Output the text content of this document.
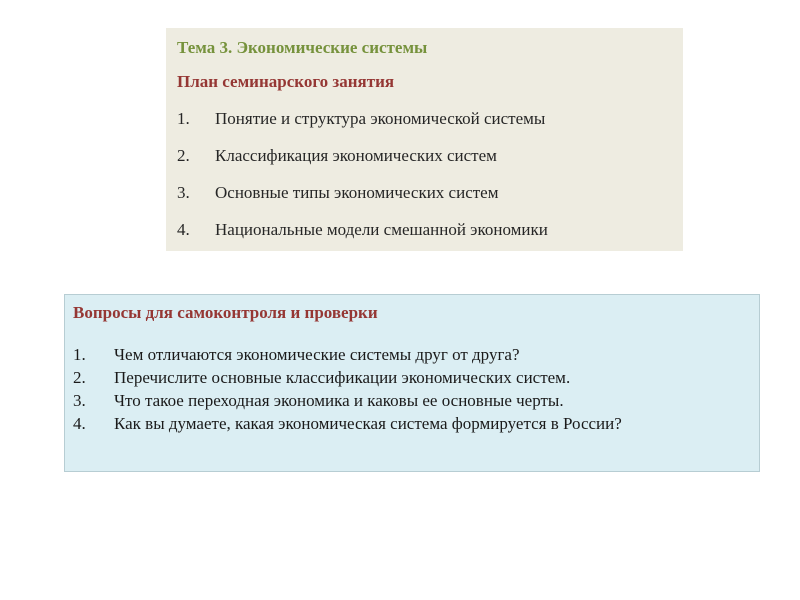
Тема 3. Экономические системы

План семинарского занятия

1.	Понятие и структура экономической системы
2.	Классификация экономических систем
3.	Основные типы экономических систем
4.	Национальные модели смешанной экономики

Вопросы для самоконтроля и проверки

1.	Чем отличаются экономические системы друг от друга?
2.	Перечислите основные классификации экономических систем.
3.	Что такое переходная экономика и каковы ее основные черты.
4.	Как вы думаете, какая экономическая система формируется в России?
